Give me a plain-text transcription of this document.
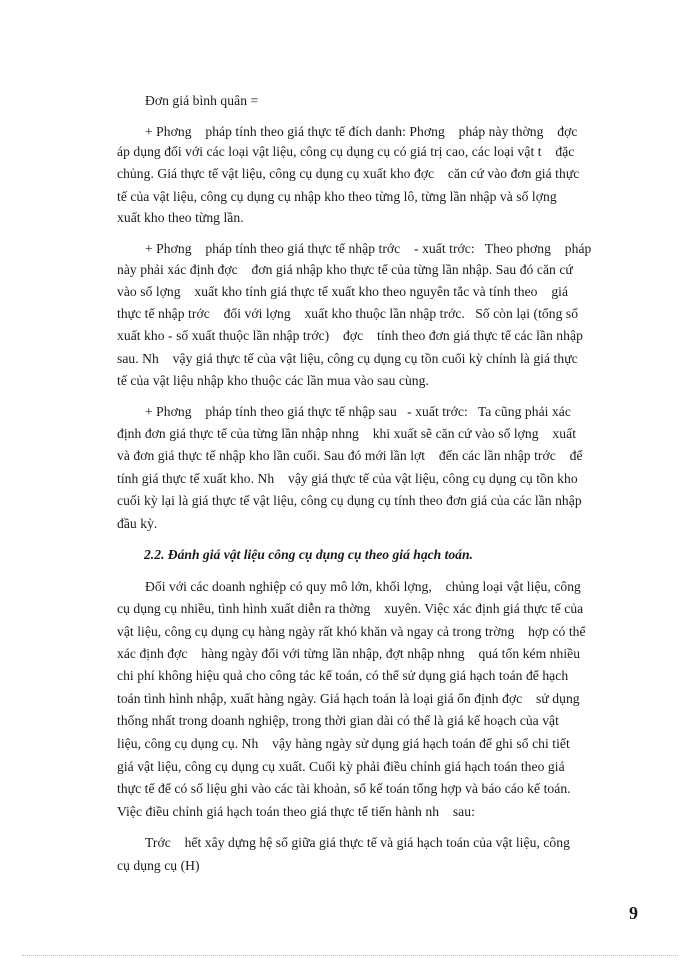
Đơn giá bình quân =
+ Phơng    pháp tính theo giá thực tế đích danh: Phơng    pháp này thờng    đợc
áp dụng đối với các loại vật liệu, công cụ dụng cụ có giá trị cao, các loại vật t    đặc
chủng. Giá thực tế vật liệu, công cụ dụng cụ xuất kho đợc    căn cứ vào đơn giá thực
tế của vật liệu, công cụ dụng cụ nhập kho theo từng lô, từng lần nhập và số lợng
xuất kho theo từng lần.
+ Phơng    pháp tính theo giá thực tế nhập trớc    - xuất trớc:   Theo phơng    pháp
này phải xác định đợc    đơn giá nhập kho thực tế của từng lần nhập. Sau đó căn cứ
vào số lợng    xuất kho tính giá thực tế xuất kho theo nguyên tắc và tính theo    giá
thực tế nhập trớc    đối với lợng    xuất kho thuộc lần nhập trớc.   Số còn lại (tổng số
xuất kho - số xuất thuộc lần nhập trớc)    đợc    tính theo đơn giá thực tế các lần nhập
sau. Nh    vậy giá thực tế của vật liệu, công cụ dụng cụ tồn cuối kỳ chính là giá thực
tế của vật liệu nhập kho thuộc các lần mua vào sau cùng.
+ Phơng    pháp tính theo giá thực tế nhập sau   - xuất trớc:   Ta cũng phải xác
định đơn giá thực tế của từng lần nhập nhng    khi xuất sẽ căn cứ vào số lợng    xuất
và đơn giá thực tế nhập kho lần cuối. Sau đó mới lần lợt    đến các lần nhập trớc    để
tính giá thực tế xuất kho. Nh    vậy giá thực tế của vật liệu, công cụ dụng cụ tồn kho
cuối kỳ lại là giá thực tế vật liệu, công cụ dụng cụ tính theo đơn giá của các lần nhập
đầu kỳ.
2.2. Đánh giá vật liệu công cụ dụng cụ theo giá hạch toán.
Đối với các doanh nghiệp có quy mô lớn, khối lợng,    chủng loại vật liệu, công
cụ dụng cụ nhiều, tình hình xuất diễn ra thờng    xuyên. Việc xác định giá thực tế của
vật liệu, công cụ dụng cụ hàng ngày rất khó khăn và ngay cả trong trờng    hợp có thể
xác định đợc    hàng ngày đối với từng lần nhập, đợt nhập nhng    quá tốn kém nhiều
chi phí không hiệu quả cho công tác kế toán, có thể sử dụng giá hạch toán để hạch
toán tình hình nhập, xuất hàng ngày. Giá hạch toán là loại giá ổn định đợc    sử dụng
thống nhất trong doanh nghiệp, trong thời gian dài có thể là giá kế hoạch của vật
liệu, công cụ dụng cụ. Nh    vậy hàng ngày sử dụng giá hạch toán để ghi sổ chi tiết
giá vật liệu, công cụ dụng cụ xuất. Cuối kỳ phải điều chỉnh giá hạch toán theo giá
thực tế để có số liệu ghi vào các tài khoản, sổ kế toán tổng hợp và báo cáo kế toán.
Việc điều chỉnh giá hạch toán theo giá thực tế tiến hành nh    sau:
Trớc    hết xây dựng hệ số giữa giá thực tế và giá hạch toán của vật liệu, công
cụ dụng cụ (H)
9
